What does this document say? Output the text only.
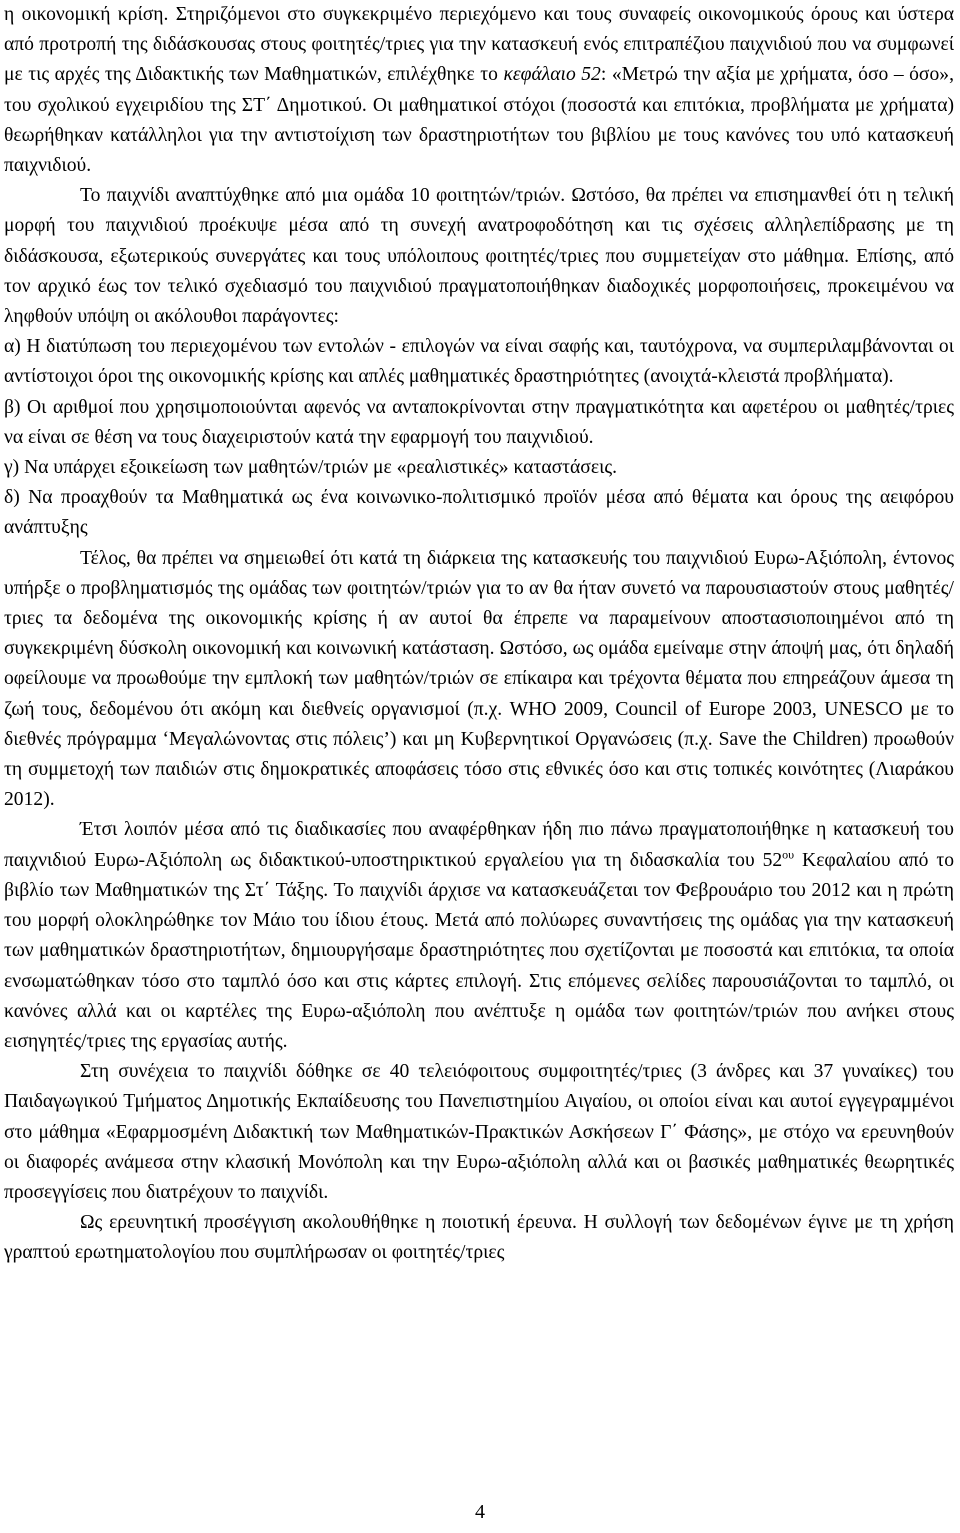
η οικονομική κρίση. Στηριζόμενοι στο συγκεκριμένο περιεχόμενο και τους συναφείς οικονομικούς όρους και ύστερα από προτροπή της διδάσκουσας στους φοιτητές/τριες για την κατασκευή ενός επιτραπέζιου παιχνιδιού που να συμφωνεί με τις αρχές της Διδακτικής των Μαθηματικών, επιλέχθηκε το κεφάλαιο 52: «Μετρώ την αξία με χρήματα, όσο – όσο», του σχολικού εγχειριδίου της ΣΤ΄ Δημοτικού. Οι μαθηματικοί στόχοι (ποσοστά και επιτόκια, προβλήματα με χρήματα) θεωρήθηκαν κατάλληλοι για την αντιστοίχιση των δραστηριοτήτων του βιβλίου με τους κανόνες του υπό κατασκευή παιχνιδιού.

Το παιχνίδι αναπτύχθηκε από μια ομάδα 10 φοιτητών/τριών. Ωστόσο, θα πρέπει να επισημανθεί ότι η τελική μορφή του παιχνιδιού προέκυψε μέσα από τη συνεχή ανατροφοδότηση και τις σχέσεις αλληλεπίδρασης με τη διδάσκουσα, εξωτερικούς συνεργάτες και τους υπόλοιπους φοιτητές/τριες που συμμετείχαν στο μάθημα. Επίσης, από τον αρχικό έως τον τελικό σχεδιασμό του παιχνιδιού πραγματοποιήθηκαν διαδοχικές μορφοποιήσεις, προκειμένου να ληφθούν υπόψη οι ακόλουθοι παράγοντες:

α) Η διατύπωση του περιεχομένου των εντολών - επιλογών να είναι σαφής και, ταυτόχρονα, να συμπεριλαμβάνονται οι αντίστοιχοι όροι της οικονομικής κρίσης και απλές μαθηματικές δραστηριότητες (ανοιχτά-κλειστά προβλήματα).

β) Οι αριθμοί που χρησιμοποιούνται αφενός να ανταποκρίνονται στην πραγματικότητα και αφετέρου οι μαθητές/τριες να είναι σε θέση να τους διαχειριστούν κατά την εφαρμογή του παιχνιδιού.

γ) Να υπάρχει εξοικείωση των μαθητών/τριών με «ρεαλιστικές» καταστάσεις.

δ) Να προαχθούν τα Μαθηματικά ως ένα κοινωνικο-πολιτισμικό προϊόν μέσα από θέματα και όρους της αειφόρου ανάπτυξης

Τέλος, θα πρέπει να σημειωθεί ότι κατά τη διάρκεια της κατασκευής του παιχνιδιού Ευρω-Αξιόπολη, έντονος υπήρξε ο προβληματισμός της ομάδας των φοιτητών/τριών για το αν θα ήταν συνετό να παρουσιαστούν στους μαθητές/τριες τα δεδομένα της οικονομικής κρίσης ή αν αυτοί θα έπρεπε να παραμείνουν αποστασιοποιημένοι από τη συγκεκριμένη δύσκολη οικονομική και κοινωνική κατάσταση. Ωστόσο, ως ομάδα εμείναμε στην άποψή μας, ότι δηλαδή οφείλουμε να προωθούμε την εμπλοκή των μαθητών/τριών σε επίκαιρα και τρέχοντα θέματα που επηρεάζουν άμεσα τη ζωή τους, δεδομένου ότι ακόμη και διεθνείς οργανισμοί (π.χ. WHO 2009, Council of Europe 2003, UNESCO με το διεθνές πρόγραμμα ‘Μεγαλώνοντας στις πόλεις’) και μη Κυβερνητικοί Οργανώσεις (π.χ. Save the Children) προωθούν τη συμμετοχή των παιδιών στις δημοκρατικές αποφάσεις τόσο στις εθνικές όσο και στις τοπικές κοινότητες (Λιαράκου 2012).

Έτσι λοιπόν μέσα από τις διαδικασίες που αναφέρθηκαν ήδη πιο πάνω πραγματοποιήθηκε η κατασκευή του παιχνιδιού Ευρω-Αξιόπολη ως διδακτικού-υποστηρικτικού εργαλείου για τη διδασκαλία του $52^{o\upsilon}$ Κεφαλαίου από το βιβλίο των Μαθηματικών της Στ΄ Τάξης. Το παιχνίδι άρχισε να κατασκευάζεται τον Φεβρουάριο του 2012 και η πρώτη του μορφή ολοκληρώθηκε τον Μάιο του ίδιου έτους. Μετά από πολύωρες συναντήσεις της ομάδας για την κατασκευή των μαθηματικών δραστηριοτήτων, δημιουργήσαμε δραστηριότητες που σχετίζονται με ποσοστά και επιτόκια, τα οποία ενσωματώθηκαν τόσο στο ταμπλό όσο και στις κάρτες επιλογή. Στις επόμενες σελίδες παρουσιάζονται το ταμπλό, οι κανόνες αλλά και οι καρτέλες της Ευρω-αξιόπολη που ανέπτυξε η ομάδα των φοιτητών/τριών που ανήκει στους εισηγητές/τριες της εργασίας αυτής.

Στη συνέχεια το παιχνίδι δόθηκε σε 40 τελειόφοιτους συμφοιτητές/τριες (3 άνδρες και 37 γυναίκες) του Παιδαγωγικού Τμήματος Δημοτικής Εκπαίδευσης του Πανεπιστημίου Αιγαίου, οι οποίοι είναι και αυτοί εγγεγραμμένοι στο μάθημα «Εφαρμοσμένη Διδακτική των Μαθηματικών-Πρακτικών Ασκήσεων Γ΄ Φάσης», με στόχο να ερευνηθούν οι διαφορές ανάμεσα στην κλασική Μονόπολη και την Ευρω-αξιόπολη αλλά και οι βασικές μαθηματικές θεωρητικές προσεγγίσεις που διατρέχουν το παιχνίδι.

Ως ερευνητική προσέγγιση ακολουθήθηκε η ποιοτική έρευνα. Η συλλογή των δεδομένων έγινε με τη χρήση γραπτού ερωτηματολογίου που συμπλήρωσαν οι φοιτητές/τριες

4
